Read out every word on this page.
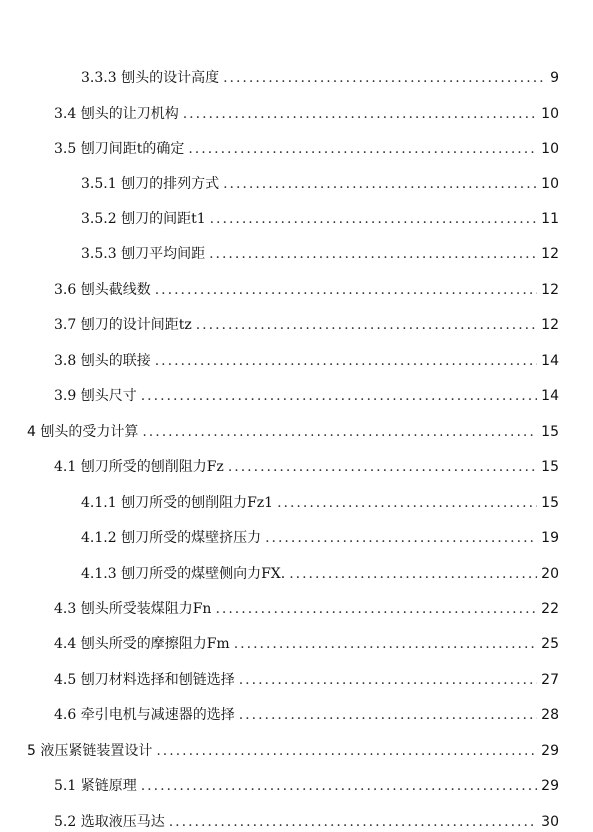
3.3.3 刨头的设计高度 .....	9
3.4 刨头的让刀机构 .....	10
3.5 刨刀间距t的确定 .....	10
3.5.1 刨刀的排列方式 .....	10
3.5.2 刨刀的间距t1 .....	11
3.5.3 刨刀平均间距 .....	12
3.6 刨头截线数 .....	12
3.7 刨刀的设计间距tz .....	12
3.8 刨头的联接 .....	14
3.9 刨头尺寸 .....	14
4 刨头的受力计算 .....	15
4.1 刨刀所受的刨削阻力Fz .....	15
4.1.1 刨刀所受的刨削阻力Fz1 .....	15
4.1.2 刨刀所受的煤壁挤压力 .....	19
4.1.3 刨刀所受的煤壁侧向力FX. .....	20
4.3 刨头所受装煤阻力Fn .....	22
4.4 刨头所受的摩擦阻力Fm .....	25
4.5 刨刀材料选择和刨链选择 .....	27
4.6 牵引电机与减速器的选择 .....	28
5 液压紧链装置设计 .....	29
5.1 紧链原理 .....	29
5.2 选取液压马达 .....	30
